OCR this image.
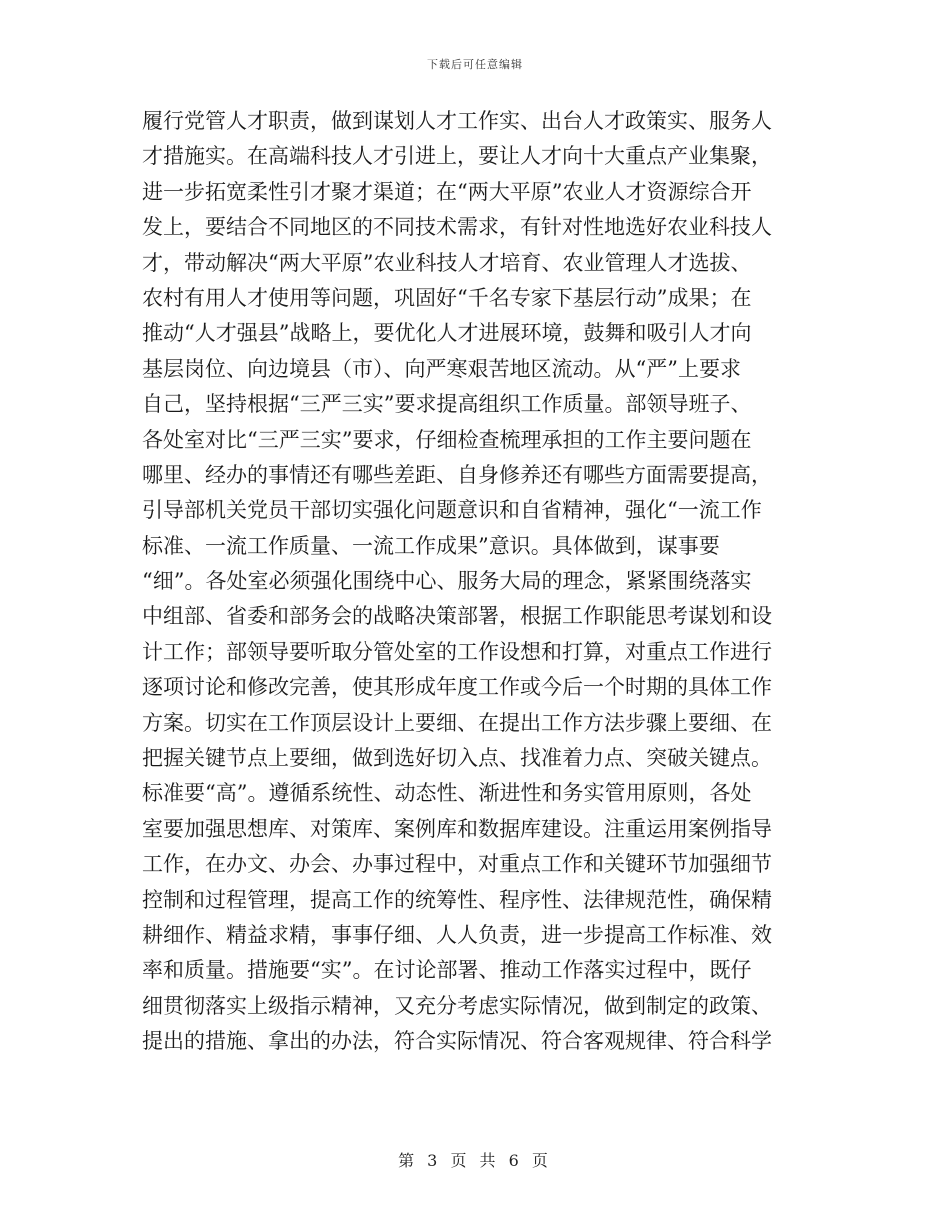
下载后可任意编辑
履行党管人才职责，做到谋划人才工作实、出台人才政策实、服务人
才措施实。在高端科技人才引进上，要让人才向十大重点产业集聚，
进一步拓宽柔性引才聚才渠道；在“两大平原”农业人才资源综合开
发上，要结合不同地区的不同技术需求，有针对性地选好农业科技人
才，带动解决“两大平原”农业科技人才培育、农业管理人才选拔、
农村有用人才使用等问题，巩固好“千名专家下基层行动”成果；在
推动“人才强县”战略上，要优化人才进展环境，鼓舞和吸引人才向
基层岗位、向边境县（市）、向严寒艰苦地区流动。从“严”上要求
自己，坚持根据“三严三实”要求提高组织工作质量。部领导班子、
各处室对比“三严三实”要求，仔细检查梳理承担的工作主要问题在
哪里、经办的事情还有哪些差距、自身修养还有哪些方面需要提高，
引导部机关党员干部切实强化问题意识和自省精神，强化“一流工作
标准、一流工作质量、一流工作成果”意识。具体做到，谋事要
“细”。各处室必须强化围绕中心、服务大局的理念，紧紧围绕落实
中组部、省委和部务会的战略决策部署，根据工作职能思考谋划和设
计工作；部领导要听取分管处室的工作设想和打算，对重点工作进行
逐项讨论和修改完善，使其形成年度工作或今后一个时期的具体工作
方案。切实在工作顶层设计上要细、在提出工作方法步骤上要细、在
把握关键节点上要细，做到选好切入点、找准着力点、突破关键点。
标准要“高”。遵循系统性、动态性、渐进性和务实管用原则，各处
室要加强思想库、对策库、案例库和数据库建设。注重运用案例指导
工作，在办文、办会、办事过程中，对重点工作和关键环节加强细节
控制和过程管理，提高工作的统筹性、程序性、法律规范性，确保精
耕细作、精益求精，事事仔细、人人负责，进一步提高工作标准、效
率和质量。措施要“实”。在讨论部署、推动工作落实过程中，既仔
细贯彻落实上级指示精神，又充分考虑实际情况，做到制定的政策、
提出的措施、拿出的办法，符合实际情况、符合客观规律、符合科学
第 3 页 共 6 页
